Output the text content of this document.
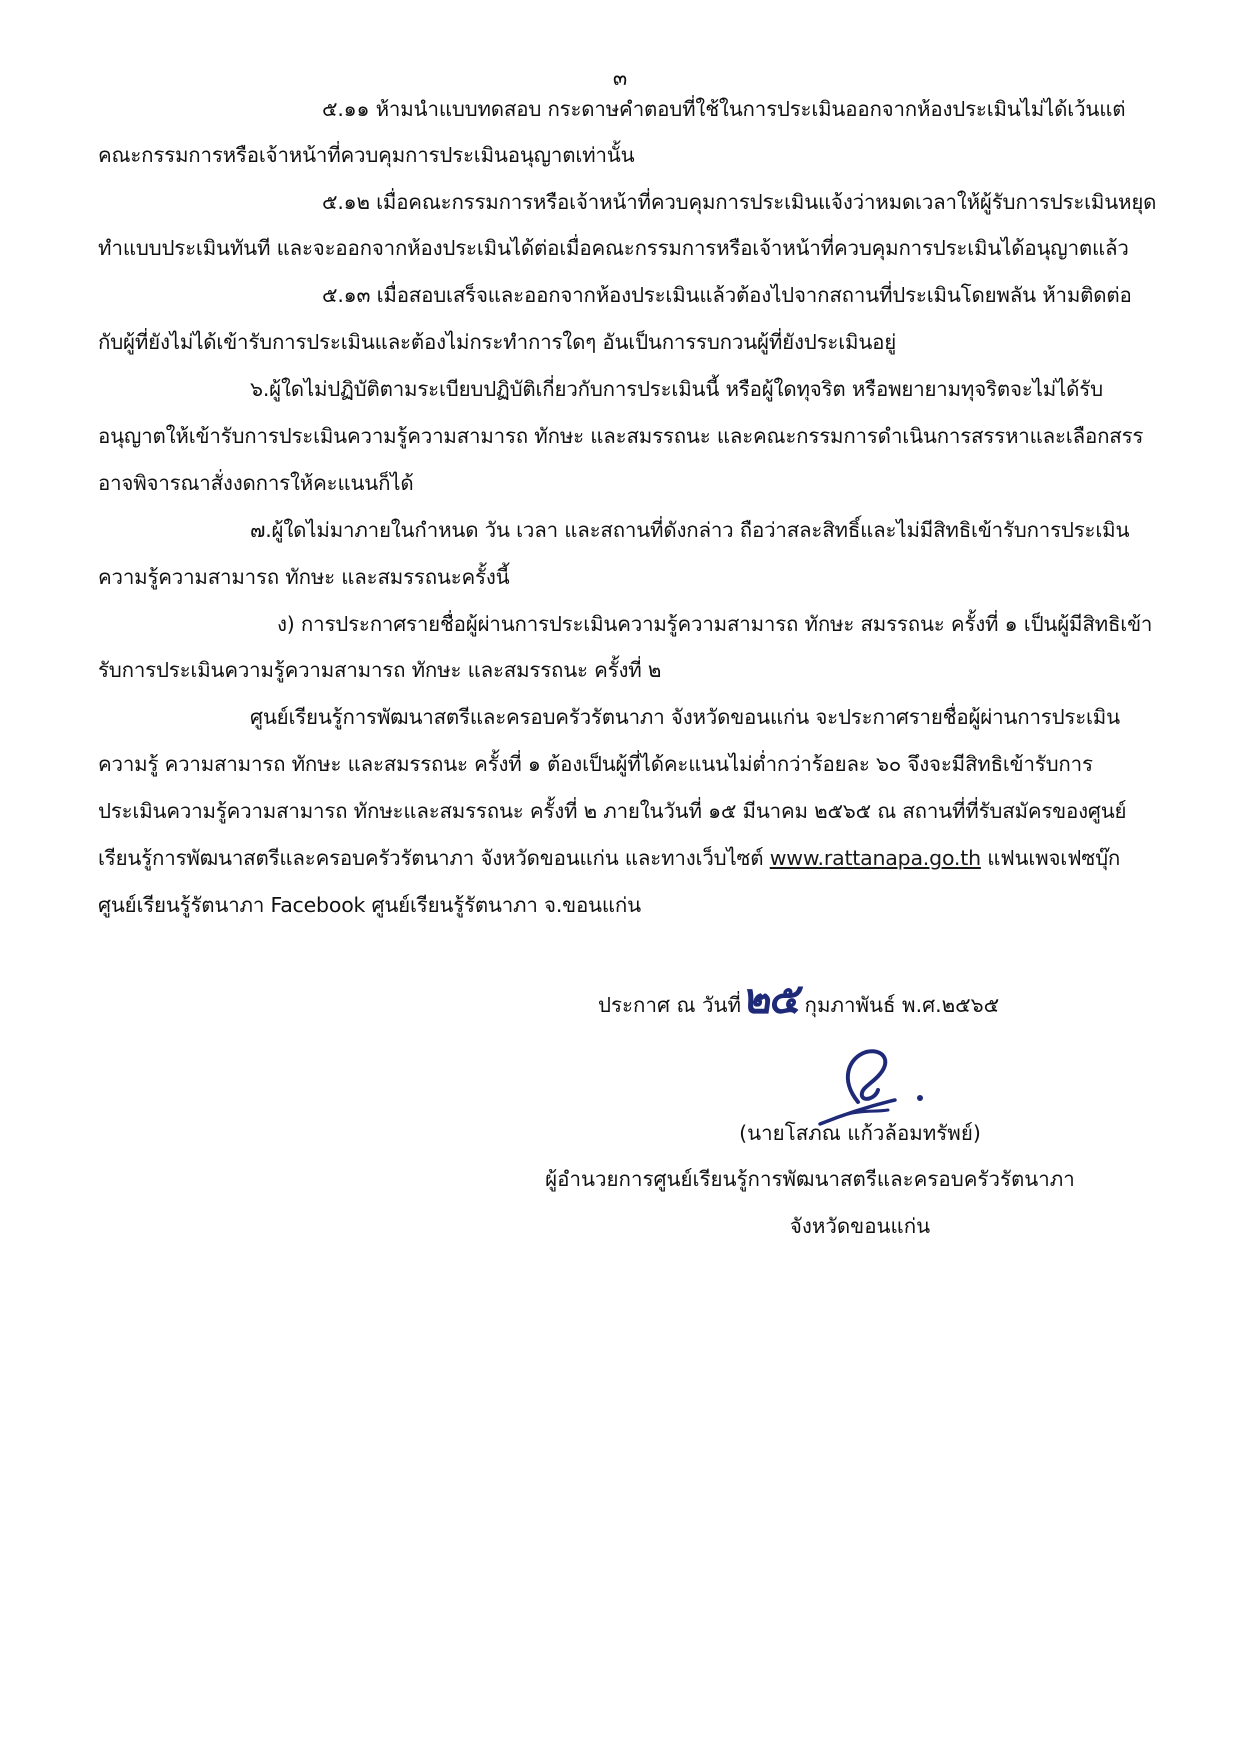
๓
๕.๑๑ ห้ามนำแบบทดสอบ กระดาษคำตอบที่ใช้ในการประเมินออกจากห้องประเมินไม่ได้เว้นแต่
คณะกรรมการหรือเจ้าหน้าที่ควบคุมการประเมินอนุญาตเท่านั้น
๕.๑๒ เมื่อคณะกรรมการหรือเจ้าหน้าที่ควบคุมการประเมินแจ้งว่าหมดเวลาให้ผู้รับการประเมินหยุด
ทำแบบประเมินทันที และจะออกจากห้องประเมินได้ต่อเมื่อคณะกรรมการหรือเจ้าหน้าที่ควบคุมการประเมินได้อนุญาตแล้ว
๕.๑๓ เมื่อสอบเสร็จและออกจากห้องประเมินแล้วต้องไปจากสถานที่ประเมินโดยพลัน ห้ามติดต่อ
กับผู้ที่ยังไม่ได้เข้ารับการประเมินและต้องไม่กระทำการใดๆ อันเป็นการรบกวนผู้ที่ยังประเมินอยู่
๖.ผู้ใดไม่ปฏิบัติตามระเบียบปฏิบัติเกี่ยวกับการประเมินนี้ หรือผู้ใดทุจริต หรือพยายามทุจริตจะไม่ได้รับ
อนุญาตให้เข้ารับการประเมินความรู้ความสามารถ ทักษะ และสมรรถนะ และคณะกรรมการดำเนินการสรรหาและเลือกสรร
อาจพิจารณาสั่งงดการให้คะแนนก็ได้
๗.ผู้ใดไม่มาภายในกำหนด วัน เวลา และสถานที่ดังกล่าว ถือว่าสละสิทธิ์และไม่มีสิทธิเข้ารับการประเมิน
ความรู้ความสามารถ ทักษะ และสมรรถนะครั้งนี้
ง) การประกาศรายชื่อผู้ผ่านการประเมินความรู้ความสามารถ ทักษะ สมรรถนะ ครั้งที่ ๑ เป็นผู้มีสิทธิเข้า
รับการประเมินความรู้ความสามารถ ทักษะ และสมรรถนะ ครั้งที่ ๒
ศูนย์เรียนรู้การพัฒนาสตรีและครอบครัวรัตนาภา จังหวัดขอนแก่น จะประกาศรายชื่อผู้ผ่านการประเมิน
ความรู้ ความสามารถ ทักษะ และสมรรถนะ ครั้งที่ ๑ ต้องเป็นผู้ที่ได้คะแนนไม่ต่ำกว่าร้อยละ ๖๐ จึงจะมีสิทธิเข้ารับการ
ประเมินความรู้ความสามารถ ทักษะและสมรรถนะ ครั้งที่ ๒ ภายในวันที่ ๑๕ มีนาคม ๒๕๖๕ ณ สถานที่ที่รับสมัครของศูนย์
เรียนรู้การพัฒนาสตรีและครอบครัวรัตนาภา จังหวัดขอนแก่น และทางเว็บไซต์ www.rattanapa.go.th แฟนเพจเฟซบุ๊ก
ศูนย์เรียนรู้รัตนาภา Facebook ศูนย์เรียนรู้รัตนาภา จ.ขอนแก่น
ประกาศ ณ วันที่ ๒๕ กุมภาพันธ์ พ.ศ.๒๕๖๕
(นายโสภณ แก้วล้อมทรัพย์)
ผู้อำนวยการศูนย์เรียนรู้การพัฒนาสตรีและครอบครัวรัตนาภา
จังหวัดขอนแก่น
